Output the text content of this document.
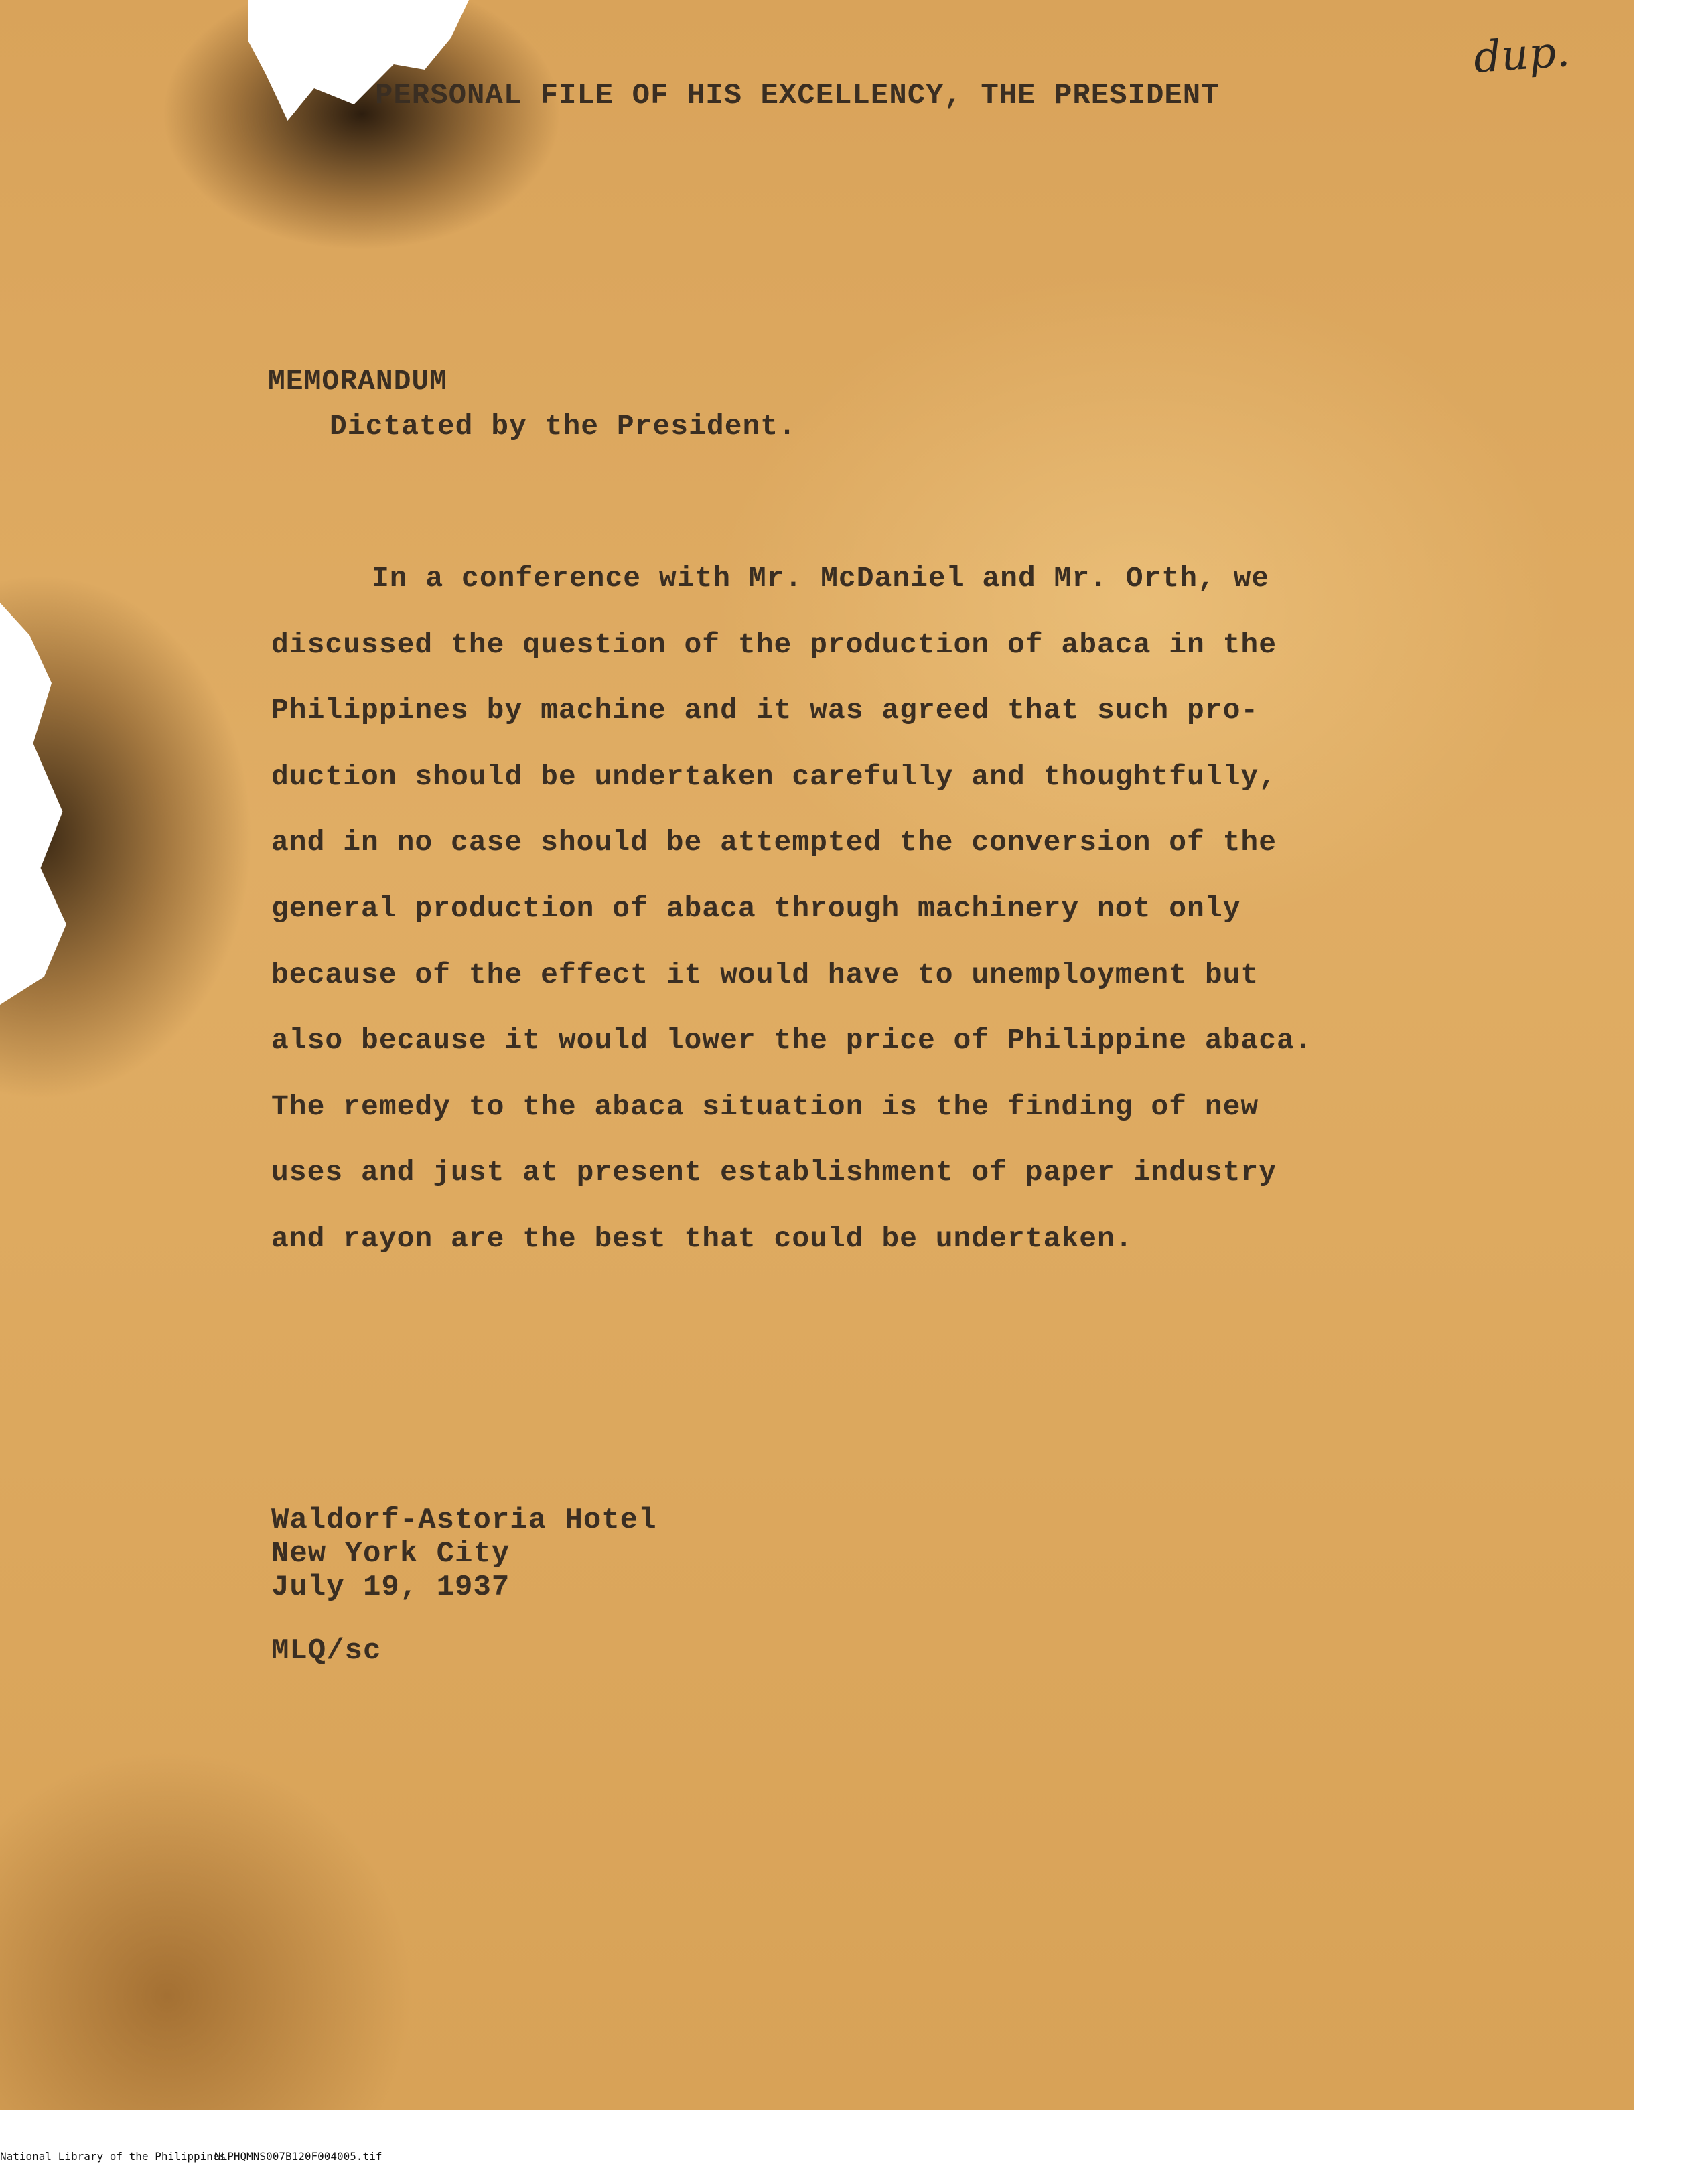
PERSONAL FILE OF HIS EXCELLENCY, THE PRESIDENT
dup.
MEMORANDUM
Dictated by the President.
In a conference with Mr. McDaniel and Mr. Orth, we
discussed the question of the production of abaca in the
Philippines by machine and it was agreed that such pro-
duction should be undertaken carefully and thoughtfully,
and in no case should be attempted the conversion of the
general production of abaca through machinery not only
because of the effect it would have to unemployment but
also because it would lower the price of Philippine abaca.
The remedy to the abaca situation is the finding of new
uses and just at present establishment of paper industry
and rayon are the best that could be undertaken.
Waldorf-Astoria Hotel
New York City
July 19, 1937
MLQ/sc
National Library of the Philippines
NLPHQMNS007B120F004005.tif
